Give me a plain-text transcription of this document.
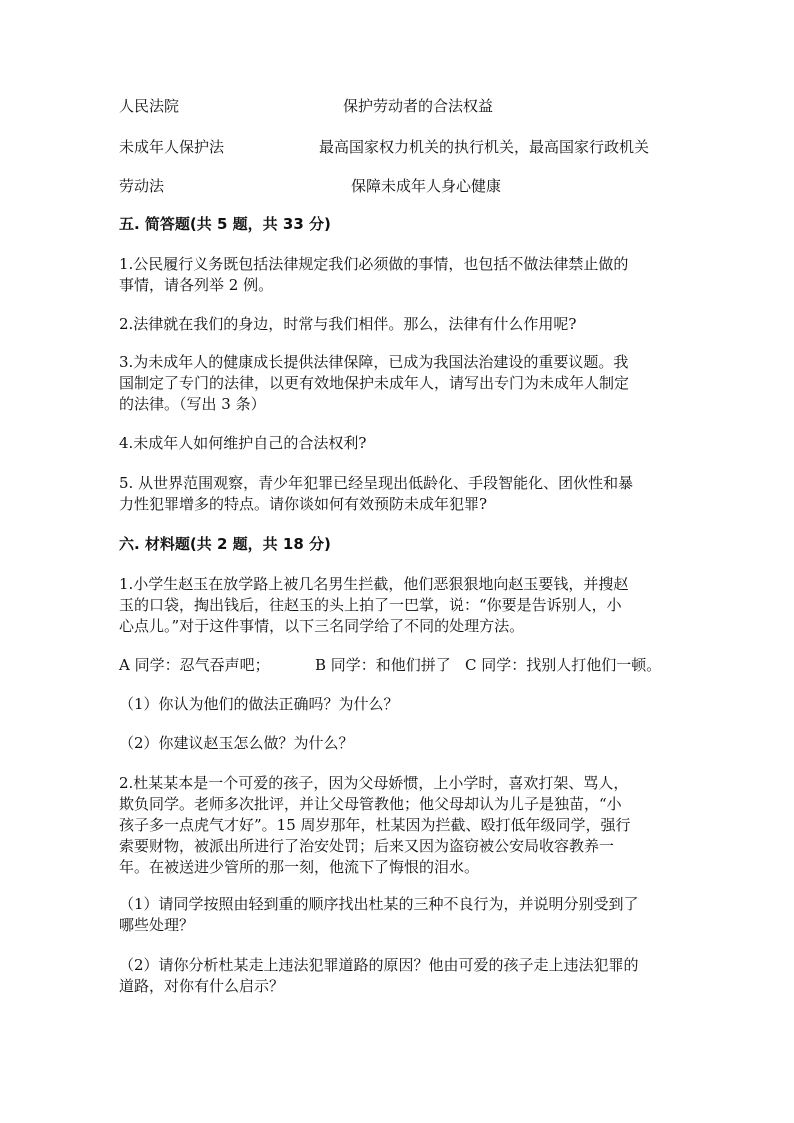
人民法院	保护劳动者的合法权益
未成年人保护法	最高国家权力机关的执行机关，最高国家行政机关
劳动法	保障未成年人身心健康
五. 简答题(共 5 题，共 33 分)
1.公民履行义务既包括法律规定我们必须做的事情，也包括不做法律禁止做的
事情，请各列举 2 例。
2.法律就在我们的身边，时常与我们相伴。那么，法律有什么作用呢?
3.为未成年人的健康成长提供法律保障，已成为我国法治建设的重要议题。我
国制定了专门的法律，以更有效地保护未成年人，请写出专门为未成年人制定
的法律。（写出 3 条）
4.未成年人如何维护自己的合法权利?
5. 从世界范围观察，青少年犯罪已经呈现出低龄化、手段智能化、团伙性和暴
力性犯罪增多的特点。请你谈如何有效预防未成年犯罪?
六. 材料题(共 2 题，共 18 分)
1.小学生赵玉在放学路上被几名男生拦截，他们恶狠狠地向赵玉要钱，并搜赵
玉的口袋，掏出钱后，往赵玉的头上拍了一巴掌，说：“你要是告诉别人，小
心点儿。”对于这件事情，以下三名同学给了不同的处理方法。
A 同学：忍气吞声吧；	B 同学：和他们拼了 C 同学：找别人打他们一顿。
（1）你认为他们的做法正确吗？为什么？
（2）你建议赵玉怎么做？为什么？
2.杜某某本是一个可爱的孩子，因为父母娇惯，上小学时，喜欢打架、骂人，
欺负同学。老师多次批评，并让父母管教他；他父母却认为儿子是独苗，“小
孩子多一点虎气才好”。15 周岁那年，杜某因为拦截、殴打低年级同学，强行
索要财物，被派出所进行了治安处罚；后来又因为盗窃被公安局收容教养一
年。在被送进少管所的那一刻，他流下了悔恨的泪水。
（1）请同学按照由轻到重的顺序找出杜某的三种不良行为，并说明分别受到了
哪些处理？
（2）请你分析杜某走上违法犯罪道路的原因？他由可爱的孩子走上违法犯罪的
道路，对你有什么启示？
